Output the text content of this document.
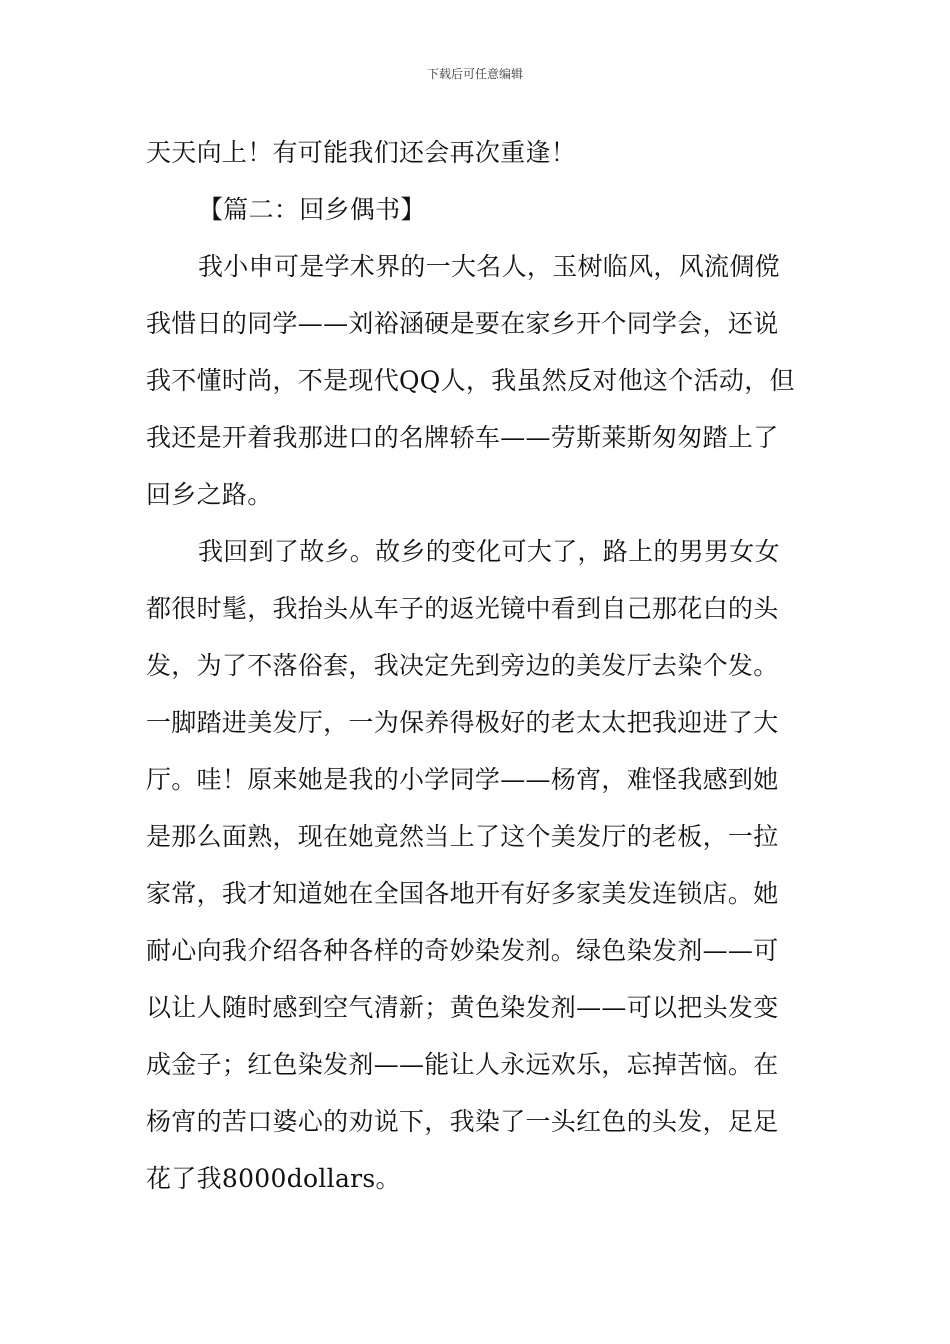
下载后可任意编辑
天天向上！有可能我们还会再次重逢！
【篇二：回乡偶书】
我小申可是学术界的一大名人，玉树临风，风流倜傥
我惜日的同学——刘裕涵硬是要在家乡开个同学会，还说
我不懂时尚，不是现代QQ人，我虽然反对他这个活动，但
我还是开着我那进口的名牌轿车——劳斯莱斯匆匆踏上了
回乡之路。
我回到了故乡。故乡的变化可大了，路上的男男女女
都很时髦，我抬头从车子的返光镜中看到自己那花白的头
发，为了不落俗套，我决定先到旁边的美发厅去染个发。
一脚踏进美发厅，一为保养得极好的老太太把我迎进了大
厅。哇！原来她是我的小学同学——杨宵，难怪我感到她
是那么面熟，现在她竟然当上了这个美发厅的老板，一拉
家常，我才知道她在全国各地开有好多家美发连锁店。她
耐心向我介绍各种各样的奇妙染发剂。绿色染发剂——可
以让人随时感到空气清新；黄色染发剂——可以把头发变
成金子；红色染发剂——能让人永远欢乐，忘掉苦恼。在
杨宵的苦口婆心的劝说下，我染了一头红色的头发，足足
花了我8000dollars。
